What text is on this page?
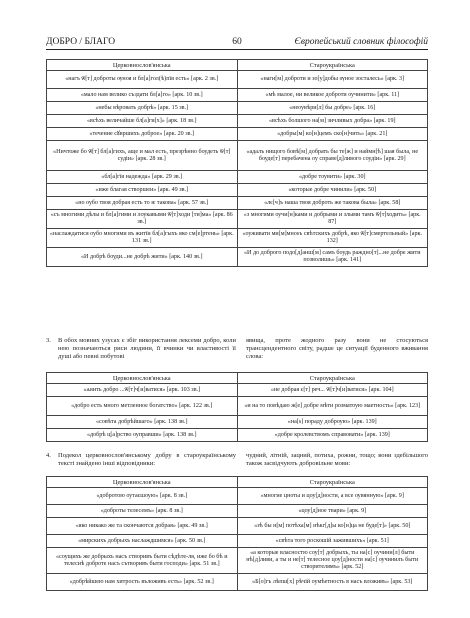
ДОБРО / БЛАГО	60	Європейський словник філософій
Церковнослов'янська	Староукраїнська
«нагъ ѿ[т] доброты ѹноя и бл[а]гол(ѣ)пїя есть» [арк. 2 зв.]	«наги[м] доброти и зо[у]добы ѹное зосталесь» [арк. 3]
«мало нам велико създати бл[а]го» [арк. 10 зв.]	«мѣ малое, ни великое доброти оучинити» [арк. 11]
«небы вѣровать добрѣ» [арк. 15 зв.]	«неоувѣри[л] бы добре» [арк. 16]
«всѣхъ величайше бл[а]ги[х]» [арк. 18 зв.]	«всѣхъ болшого на[м] зичливых добра» [арк. 19]
«течение сꙋвршихъ доброе» [арк. 20 зв.]	«добры[м] ко[н]цемъ ско[н]чить» [арк. 21]
«Ничтоже бо ѿ[т] бл[а]гихъ, аще и мал есть, презрѣнно боудеть ѿ[т] судіи» [арк. 28 зв.]	«адалъ нищого бовѣ[м] добрать бы те[ж] и наймн[ѣ] шая была, не боуде[т] перебачена оу справе[д]ливого соудіи» [арк. 29]
«бл[а]гїя надежда» [арк. 29 зв.]	«добре тоувити» [арк. 30]
«иже благая створшеи» [арк. 49 зв.]	«которые добре чинили» [арк. 50]
«но оубо твоя добрая есть то ѥ такова» [арк. 57 зв.]	«лє[ч]ъ наша твоя доброть же такова была» [арк. 58]
«съ многими дѣлы и бл[а]гими и лоукавыми ѿ[т]ходи [ти]ма» [арк. 86 зв.]	«з многими оучи[н]ками и добрыми и злыми тамъ ѿ[т]ходить» [арк. 87]
«наслаждатися оубо многими въ житїи бл[а]гыхъ яко см[е]ртень» [арк. 131 зв.]	«оуживати ми[м]мноѕъ свѣтскихъ добрѣ, яко ѿ[т]смертельный» [арк. 132]
«И добрѣ боуди...не добрѣ жити» [арк. 140 зв.]	«И до доброго подо[д]анш[м] самъ боудь раждно[т]...не добре жити позволишь» [арк. 141]
3. В обох мовних узусах є збіг використання лексеми добро, коли нею позначаються риси людини, її вчинки чи властивості її душі або певні побутові

явища, проте жодного разу вони не стосуються трансцендентного світу, радше це ситуації буденного вживання слова:

Церковнослов'янська	Староукраїнська
«ѧвить добро ...ѿ[т]ч[и]ватися» [арк. 103 зв.]	«не добрая є[т] реч... ѿ[т]ч[и]ватися» [арк. 104]
«добро есть много метленное богатство» [арк. 122 зв.]	«и на то повѣдаю ж[е] добре мѣти розматоую маетность» [арк. 123]
«совѣта добрѣйшаго» [арк. 138 зв.]	«на[ѕ] пораду доброую» [арк. 139]
«добрѣ ц[а]рство оуправши» [арк. 138 зв.]	«добре кролевствомъ справовати» [арк. 139]
4. Подекол церковнослов'янському добру в староукраїнському тексті знайдено інші відповідники:

чудний, літній, зацний, потиха, рожни, тощо; вони здебільшого також засвідчують добровільне мови:

Церковнослов'янська	Староукраїнська
«добротою оутаєшоую» [арк. 8 зв.]	«многие цноты и цоу[д]ности, а все оувянную» [арк. 9]
«доброты телесемъ» [арк. 8 зв.]	«цоу[д]ное твари» [арк. 9]
«яко никако же та скончаются добрая» [арк. 49 зв.]	«зѣ бы н[м] потѣха[м] нѣкг[д]ы ко[н]ца не буде[т]» [арк. 50]
«мирскихъ добрыхъ наслаждшимся» [арк. 50 зв.]	«свѣта того роскошій зажившихъ» [арк. 51]
«соущихъ же добрыхъ насъ створивъ быти сѣдѣте-ля, иже бо бѣ и телесиѣ доброте насъ сътворивъ быти господи» [арк. 51 зв.]	«а которые власностю соу[т] добрыхъ, ты на[с] оучини[л] быти нѣ[д]ливи, а ты и не[т] телесное цоу[д]ности на[с] оучинилъ быти створителямъ» [арк. 52]
«добрѣйшею нам хитрость въложивъ есть» [арк. 52 зв.]	«Б[о]гъ лѣпш[х] рѣчій оумѣетность в насъ вложивъ» [арк. 53]
